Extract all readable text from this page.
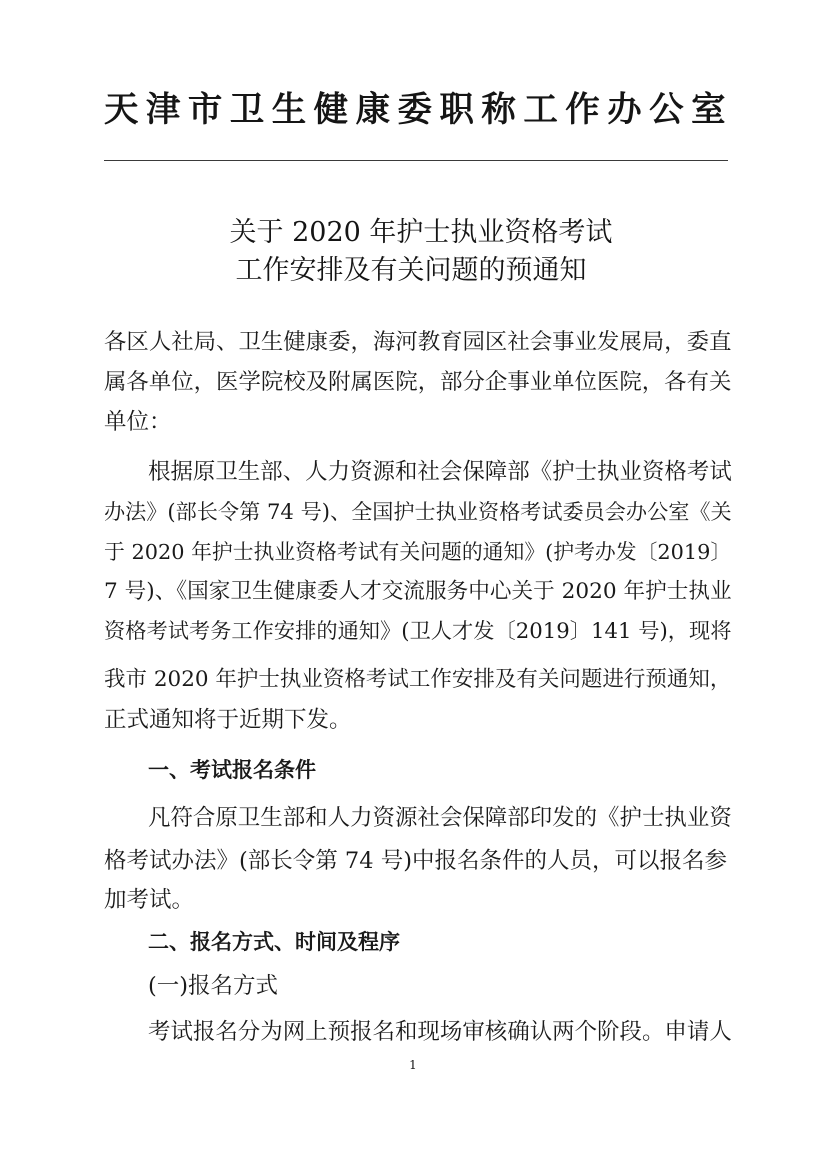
天津市卫生健康委职称工作办公室
关于 2020 年护士执业资格考试
工作安排及有关问题的预通知
各区人社局、卫生健康委，海河教育园区社会事业发展局，委直
属各单位，医学院校及附属医院，部分企事业单位医院，各有关
单位：
根据原卫生部、人力资源和社会保障部《护士执业资格考试
办法》(部长令第 74 号)、全国护士执业资格考试委员会办公室《关
于 2020 年护士执业资格考试有关问题的通知》(护考办发〔2019〕
7 号)、《国家卫生健康委人才交流服务中心关于 2020 年护士执业
资格考试考务工作安排的通知》(卫人才发〔2019〕141 号)，现将
我市 2020 年护士执业资格考试工作安排及有关问题进行预通知，
正式通知将于近期下发。
一、考试报名条件
凡符合原卫生部和人力资源社会保障部印发的《护士执业资
格考试办法》(部长令第 74 号)中报名条件的人员，可以报名参
加考试。
二、报名方式、时间及程序
(一)报名方式
考试报名分为网上预报名和现场审核确认两个阶段。申请人
1
